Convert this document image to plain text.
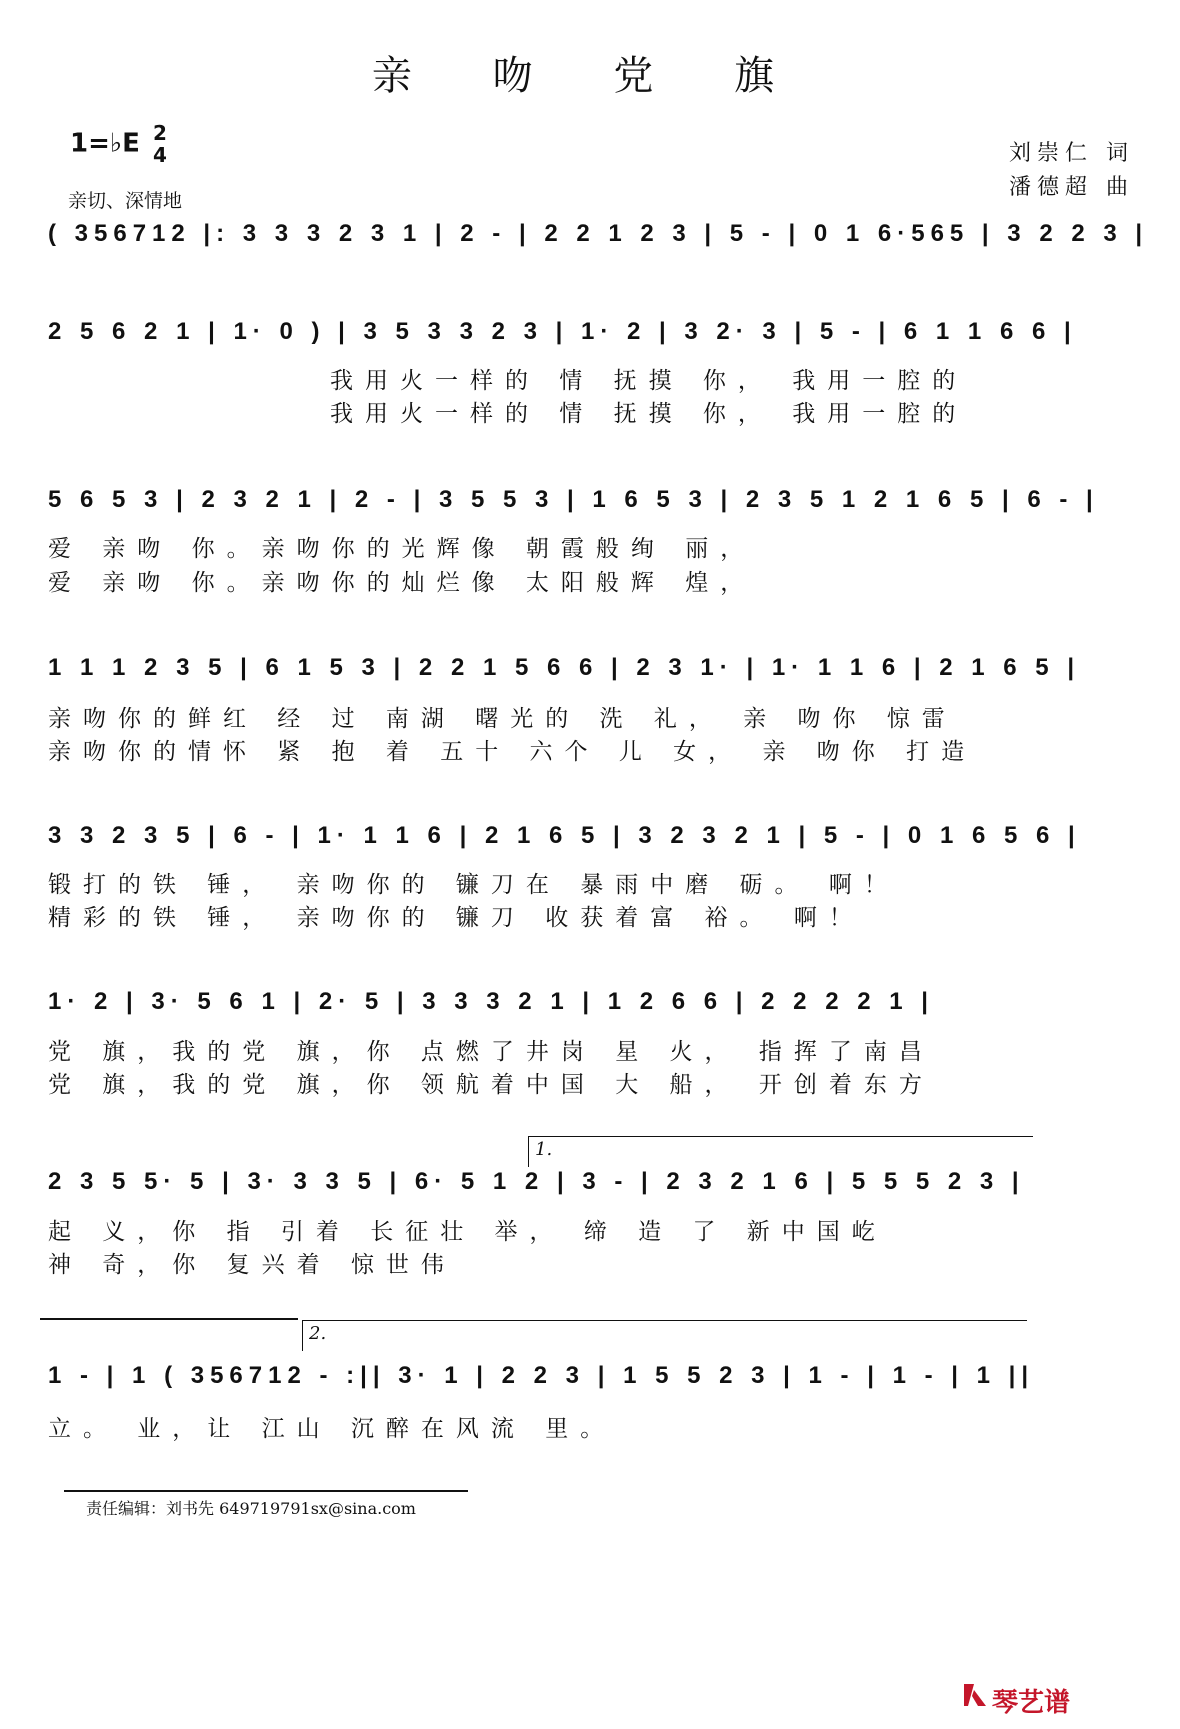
亲 吻 党 旗
1=♭E 2
4
亲切、深情地
刘崇仁 词
潘德超 曲
( 356712 |: 3 3 3 2 3 1 | 2 - | 2 2 1 2 3 | 5 - | 0 1 6·565 | 3 2 2 3 |
2 5 6 2 1 | 1· 0 ) | 3 5 3 3 2 3 | 1· 2 | 3 2· 3 | 5 - | 6 1 1 6 6 |
我用火一样的 情 抚摸 你， 我用一腔的
我用火一样的 情 抚摸 你， 我用一腔的
5 6 5 3 | 2 3 2 1 | 2 - | 3 5 5 3 | 1 6 5 3 | 2 3 5 1 2 1 6 5 | 6 - |
爱 亲吻 你。亲吻你的光辉像 朝霞般绚 丽，
爱 亲吻 你。亲吻你的灿烂像 太阳般辉 煌，
1 1 1 2 3 5 | 6 1 5 3 | 2 2 1 5 6 6 | 2 3 1· | 1· 1 1 6 | 2 1 6 5 |
亲吻你的鲜红 经 过 南湖 曙光的 洗 礼， 亲 吻你 惊雷
亲吻你的情怀 紧 抱 着 五十 六个 儿 女， 亲 吻你 打造
3 3 2 3 5 | 6 - | 1· 1 1 6 | 2 1 6 5 | 3 2 3 2 1 | 5 - | 0 1 6 5 6 |
锻打的铁 锤， 亲吻你的 镰刀在 暴雨中磨 砺。 啊！
精彩的铁 锤， 亲吻你的 镰刀 收获着富 裕。 啊！
1· 2 | 3· 5 6 1 | 2· 5 | 3 3 3 2 1 | 1 2 6 6 | 2 2 2 2 1 |
党 旗，我的党 旗，你 点燃了井岗 星 火， 指挥了南昌
党 旗，我的党 旗，你 领航着中国 大 船， 开创着东方
1.
2 3 5 5· 5 | 3· 3 3 5 | 6· 5 1 2 | 3 - | 2 3 2 1 6 | 5 5 5 2 3 |
起 义，你 指 引着 长征壮 举， 缔 造 了 新中国屹
神 奇，你 复兴着 惊世伟
2.
1 - | 1 ( 356712 - :|| 3· 1 | 2 2 3 | 1 5 5 2 3 | 1 - | 1 - | 1 ||
立。 业，让 江山 沉醉在风流 里。
责任编辑：刘书先 649719791sx@sina.com
琴艺谱
